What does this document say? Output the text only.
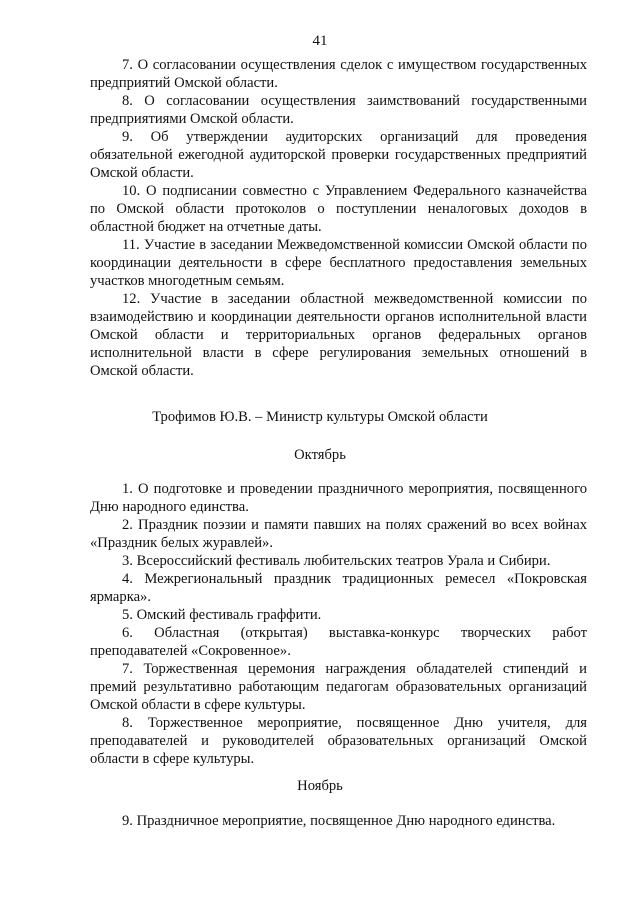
41

7. О согласовании осуществления сделок с имуществом государственных предприятий Омской области.

8. О согласовании осуществления заимствований государственными предприятиями Омской области.

9. Об утверждении аудиторских организаций для проведения обязательной ежегодной аудиторской проверки государственных предприятий Омской области.

10. О подписании совместно с Управлением Федерального казначейства по Омской области протоколов о поступлении неналоговых доходов в областной бюджет на отчетные даты.

11. Участие в заседании Межведомственной комиссии Омской области по координации деятельности в сфере бесплатного предоставления земельных участков многодетным семьям.

12. Участие в заседании областной межведомственной комиссии по взаимодействию и координации деятельности органов исполнительной власти Омской области и территориальных органов федеральных органов исполнительной власти в сфере регулирования земельных отношений в Омской области.

Трофимов Ю.В. – Министр культуры Омской области
Октябрь

1. О подготовке и проведении праздничного мероприятия, посвященного Дню народного единства.

2. Праздник поэзии и памяти павших на полях сражений во всех войнах «Праздник белых журавлей».

3. Всероссийский фестиваль любительских театров Урала и Сибири.

4. Межрегиональный праздник традиционных ремесел «Покровская ярмарка».

5. Омский фестиваль граффити.

6. Областная (открытая) выставка-конкурс творческих работ преподавателей «Сокровенное».

7. Торжественная церемония награждения обладателей стипендий и премий результативно работающим педагогам образовательных организаций Омской области в сфере культуры.

8. Торжественное мероприятие, посвященное Дню учителя, для преподавателей и руководителей образовательных организаций Омской области в сфере культуры.

Ноябрь

9. Праздничное мероприятие, посвященное Дню народного единства.
